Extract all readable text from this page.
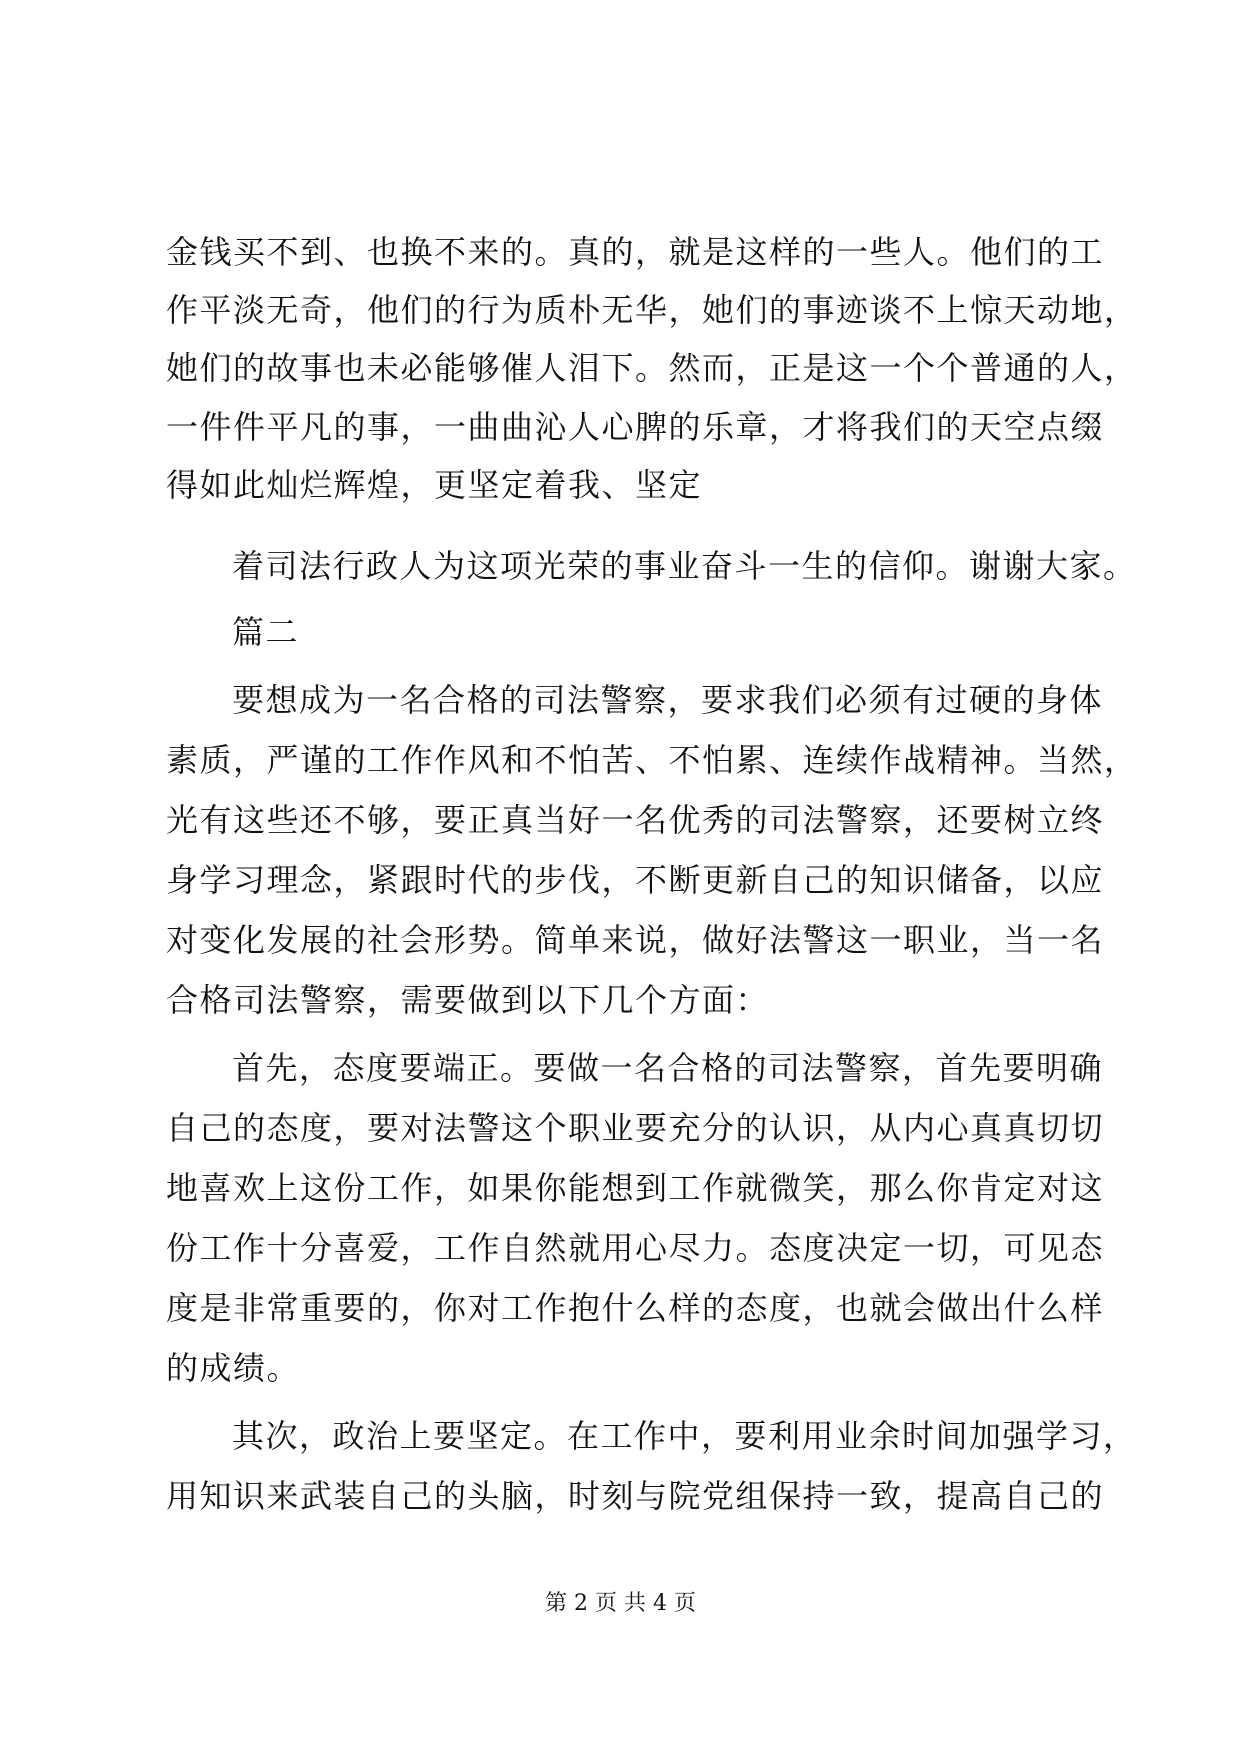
金钱买不到、也换不来的。真的，就是这样的一些人。他们的工
作平淡无奇，他们的行为质朴无华，她们的事迹谈不上惊天动地，
她们的故事也未必能够催人泪下。然而，正是这一个个普通的人，
一件件平凡的事，一曲曲沁人心脾的乐章，才将我们的天空点缀
得如此灿烂辉煌，更坚定着我、坚定
着司法行政人为这项光荣的事业奋斗一生的信仰。谢谢大家。
篇二
要想成为一名合格的司法警察，要求我们必须有过硬的身体
素质，严谨的工作作风和不怕苦、不怕累、连续作战精神。当然，
光有这些还不够，要正真当好一名优秀的司法警察，还要树立终
身学习理念，紧跟时代的步伐，不断更新自己的知识储备，以应
对变化发展的社会形势。简单来说，做好法警这一职业，当一名
合格司法警察，需要做到以下几个方面：
首先，态度要端正。要做一名合格的司法警察，首先要明确
自己的态度，要对法警这个职业要充分的认识，从内心真真切切
地喜欢上这份工作，如果你能想到工作就微笑，那么你肯定对这
份工作十分喜爱，工作自然就用心尽力。态度决定一切，可见态
度是非常重要的，你对工作抱什么样的态度，也就会做出什么样
的成绩。
其次，政治上要坚定。在工作中，要利用业余时间加强学习，
用知识来武装自己的头脑，时刻与院党组保持一致，提高自己的
第 2 页 共 4 页
